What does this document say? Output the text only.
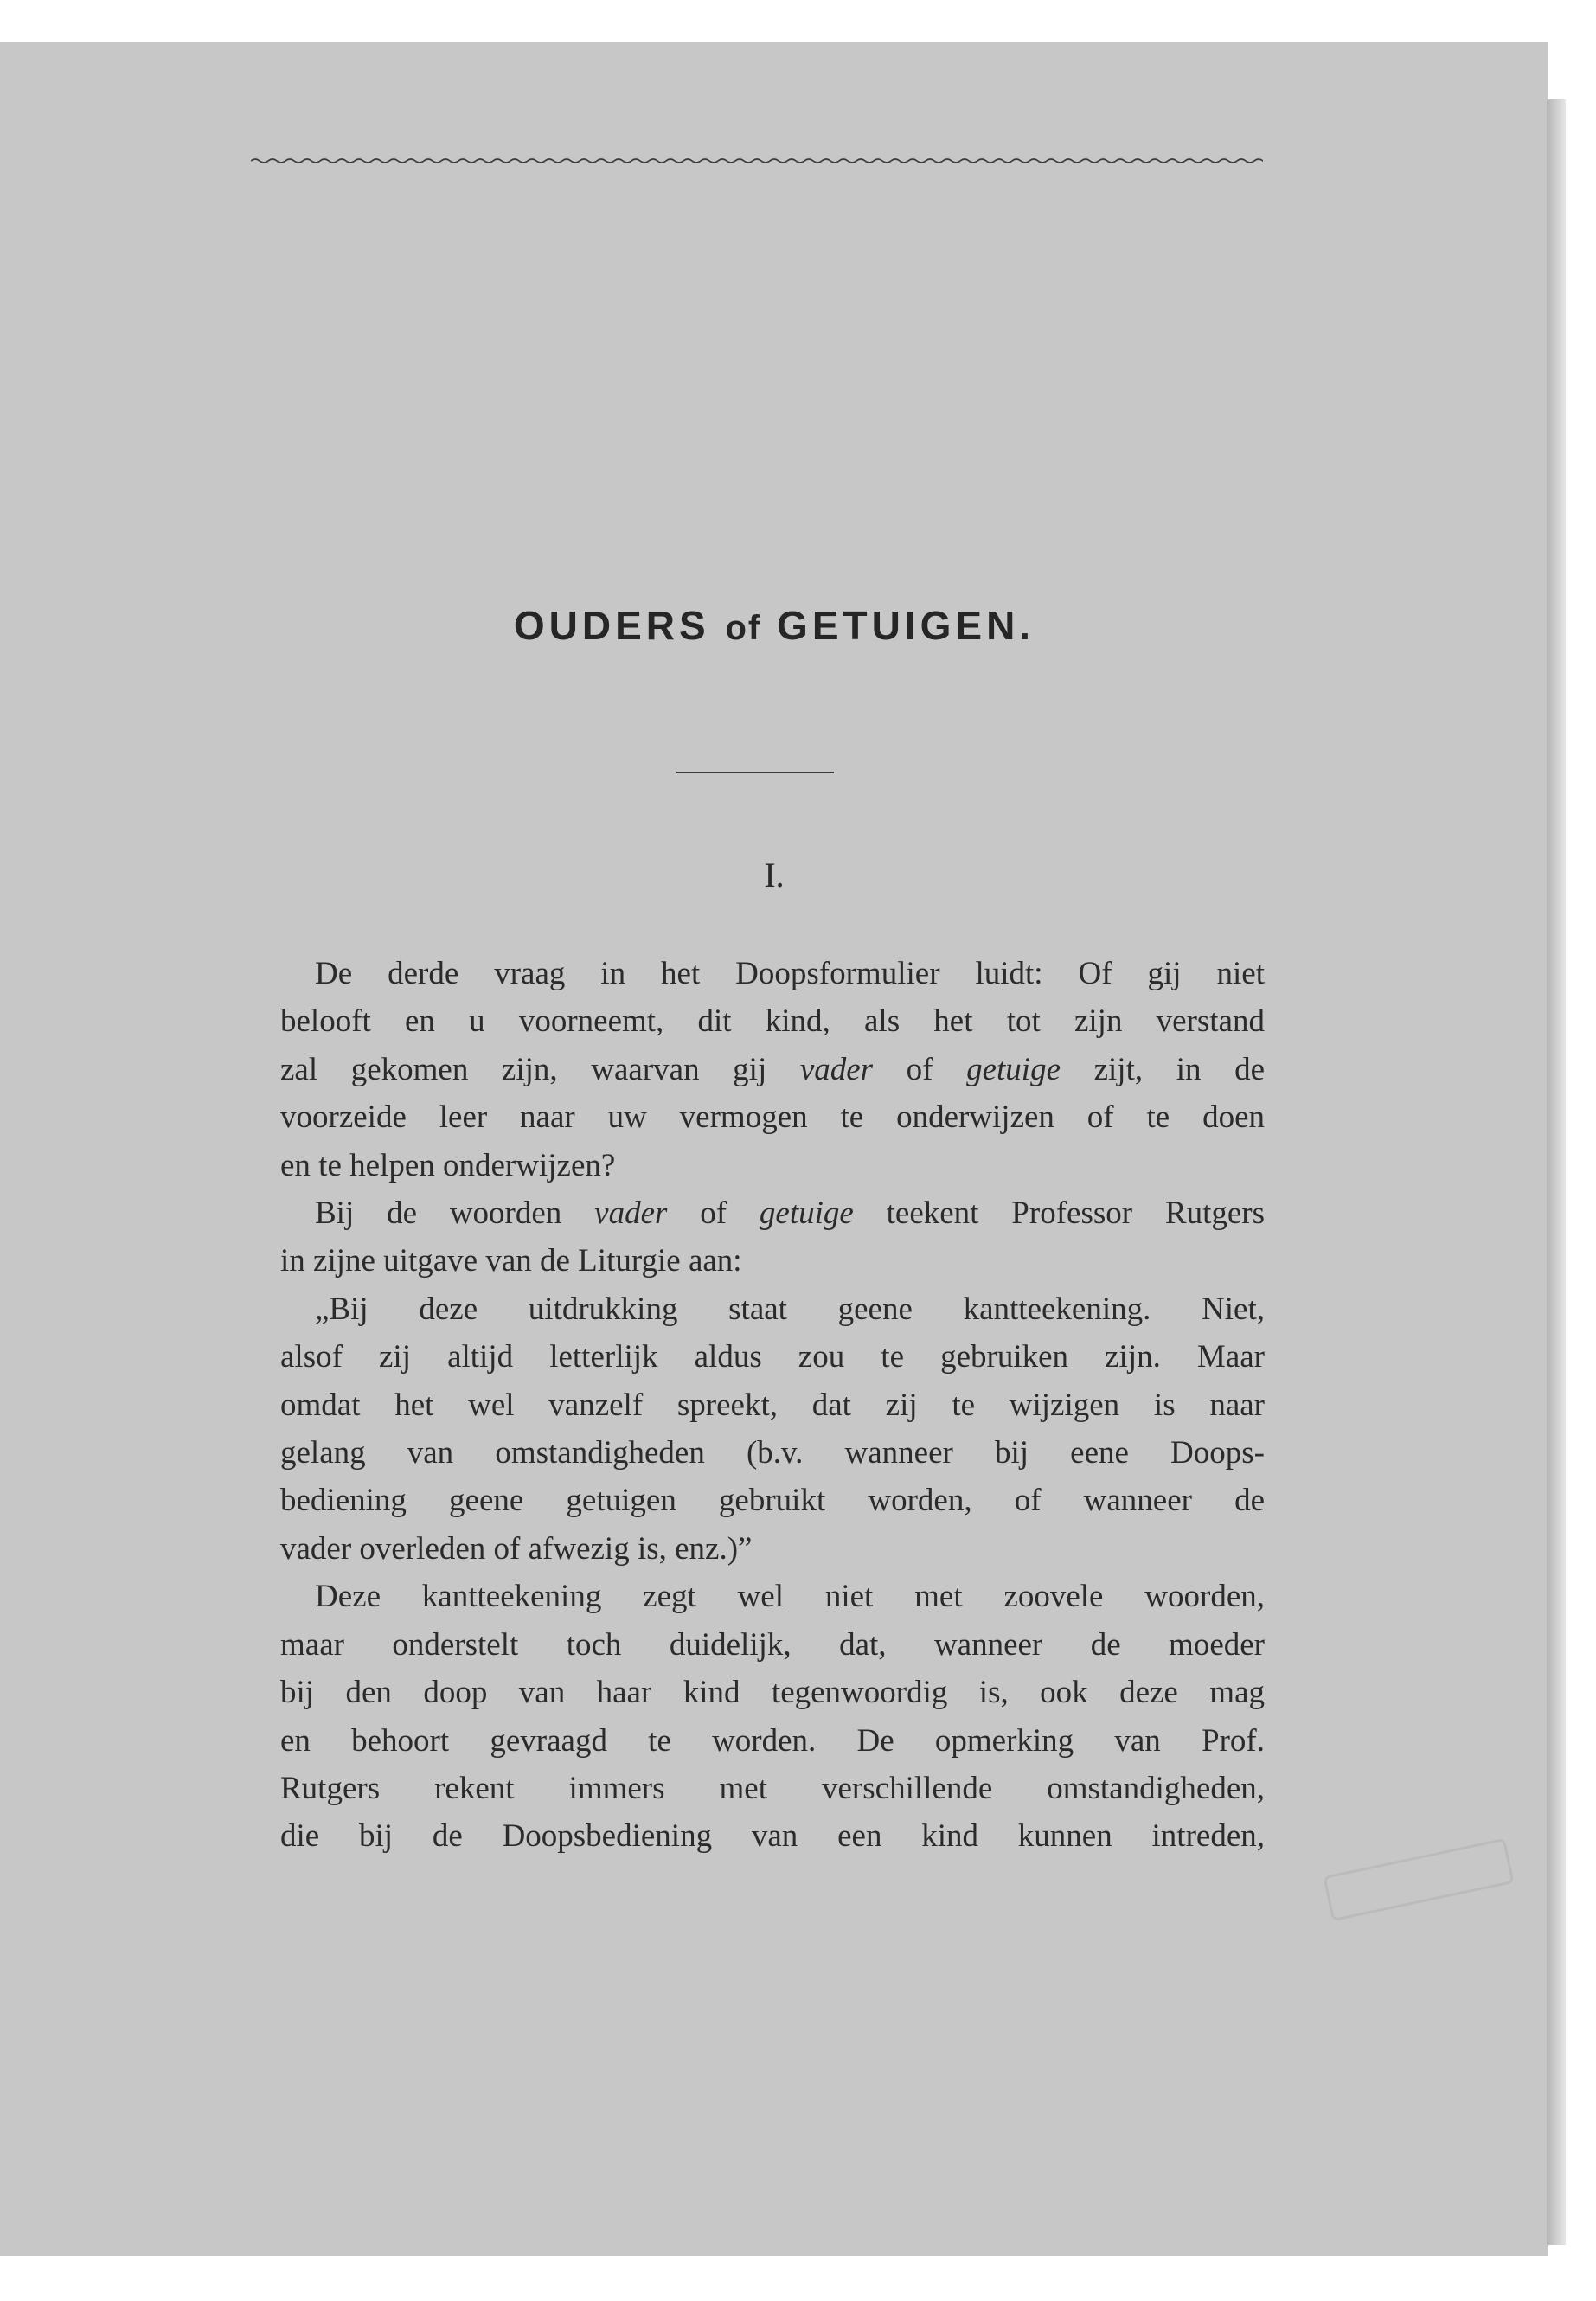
OUDERS of GETUIGEN.
I.

De derde vraag in het Doopsformulier luidt: Of gij niet
belooft en u voorneemt, dit kind, als het tot zijn verstand
zal gekomen zijn, waarvan gij vader of getuige zijt, in de
voorzeide leer naar uw vermogen te onderwijzen of te doen
en te helpen onderwijzen?

Bij de woorden vader of getuige teekent Professor Rutgers
in zijne uitgave van de Liturgie aan:

„Bij deze uitdrukking staat geene kantteekening. Niet,
alsof zij altijd letterlijk aldus zou te gebruiken zijn. Maar
omdat het wel vanzelf spreekt, dat zij te wijzigen is naar
gelang van omstandigheden (b.v. wanneer bij eene Doops-
bediening geene getuigen gebruikt worden, of wanneer de
vader overleden of afwezig is, enz.)”

Deze kantteekening zegt wel niet met zoovele woorden,
maar onderstelt toch duidelijk, dat, wanneer de moeder
bij den doop van haar kind tegenwoordig is, ook deze mag
en behoort gevraagd te worden. De opmerking van Prof.
Rutgers rekent immers met verschillende omstandigheden,
die bij de Doopsbediening van een kind kunnen intreden,
